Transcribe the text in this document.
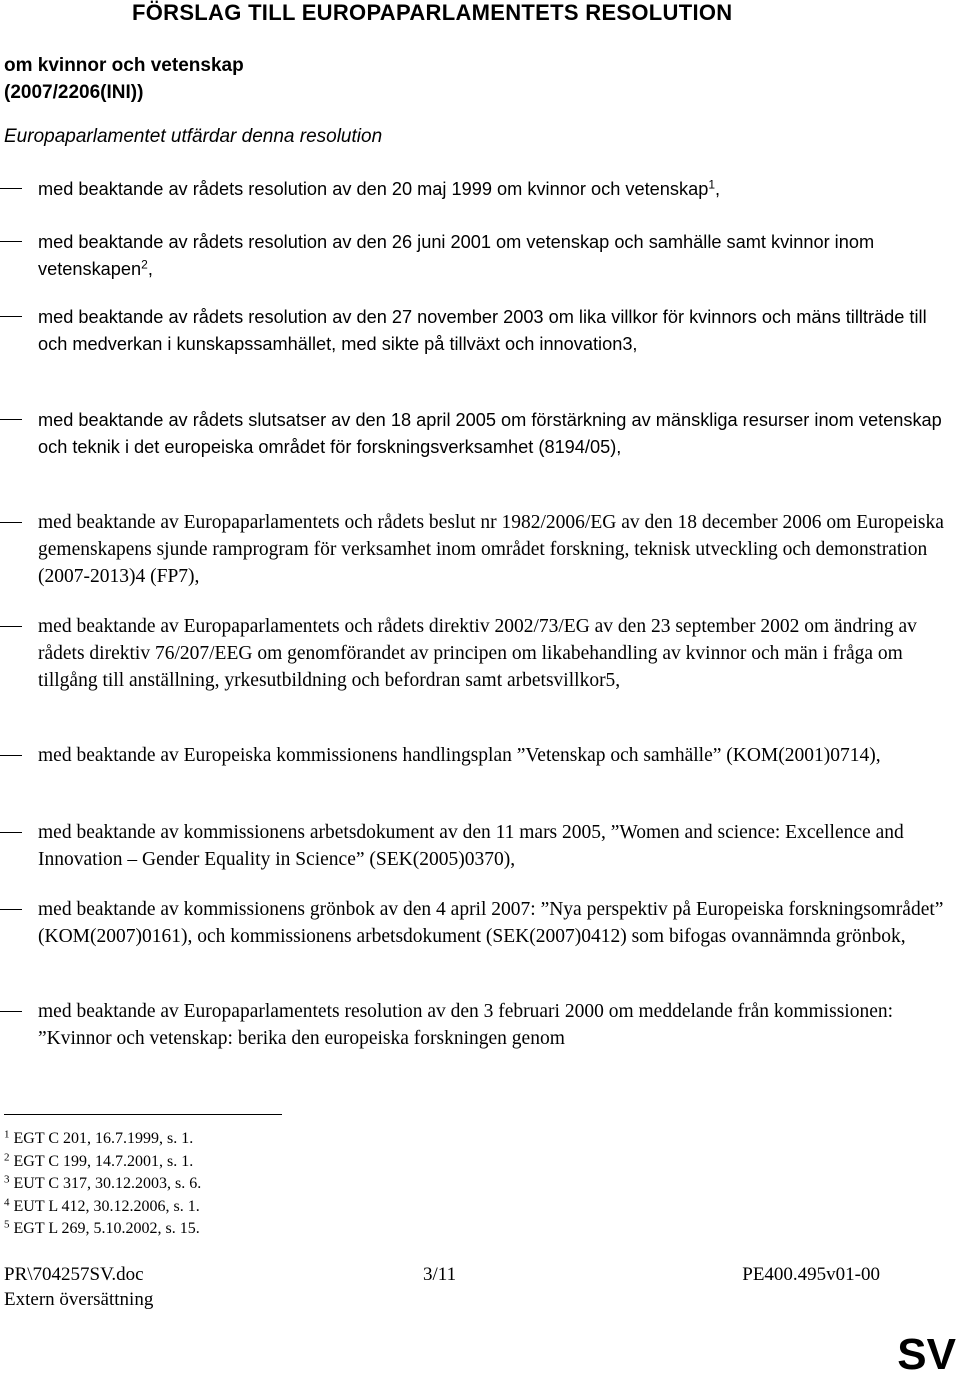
FÖRSLAG TILL EUROPAPARLAMENTETS RESOLUTION
om kvinnor och vetenskap
(2007/2206(INI))
Europaparlamentet utfärdar denna resolution
med beaktande av rådets resolution av den 20 maj 1999 om kvinnor och vetenskap$^1$,
med beaktande av rådets resolution av den 26 juni 2001 om vetenskap och samhälle samt kvinnor inom vetenskapen$^2$,
med beaktande av rådets resolution av den 27 november 2003 om lika villkor för kvinnors och mäns tillträde till och medverkan i kunskapssamhället, med sikte på tillväxt och innovation3,
med beaktande av rådets slutsatser av den 18 april 2005 om förstärkning av mänskliga resurser inom vetenskap och teknik i det europeiska området för forskningsverksamhet (8194/05),
med beaktande av Europaparlamentets och rådets beslut nr 1982/2006/EG av den 18 december 2006 om Europeiska gemenskapens sjunde ramprogram för verksamhet inom området forskning, teknisk utveckling och demonstration (2007-2013)4 (FP7),
med beaktande av Europaparlamentets och rådets direktiv 2002/73/EG av den 23 september 2002 om ändring av rådets direktiv 76/207/EEG om genomförandet av principen om likabehandling av kvinnor och män i fråga om tillgång till anställning, yrkesutbildning och befordran samt arbetsvillkor5,
med beaktande av Europeiska kommissionens handlingsplan ”Vetenskap och samhälle” (KOM(2001)0714),
med beaktande av kommissionens arbetsdokument av den 11 mars 2005, ”Women and science: Excellence and Innovation – Gender Equality in Science” (SEK(2005)0370),
med beaktande av kommissionens grönbok av den 4 april 2007: ”Nya perspektiv på Europeiska forskningsområdet” (KOM(2007)0161), och kommissionens arbetsdokument (SEK(2007)0412) som bifogas ovannämnda grönbok,
med beaktande av Europaparlamentets resolution av den 3 februari 2000 om meddelande från kommissionen: ”Kvinnor och vetenskap: berika den europeiska forskningen genom
$^1$ EGT C 201, 16.7.1999, s. 1.
$^2$ EGT C 199, 14.7.2001, s. 1.
$^3$ EUT C 317, 30.12.2003, s. 6.
$^4$ EUT L 412, 30.12.2006, s. 1.
$^5$ EGT L 269, 5.10.2002, s. 15.
PR\704257SV.doc	3/11	PE400.495v01-00
Extern översättning
SV
